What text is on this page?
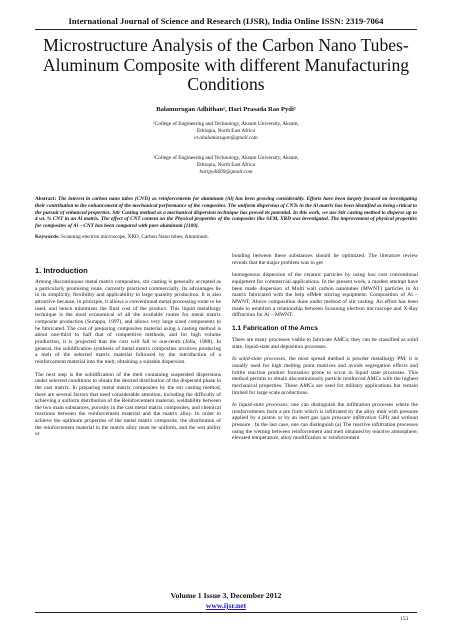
International Journal of Science and Research (IJSR), India Online ISSN: 2319-7064
Microstructure Analysis of the Carbon Nano Tubes-Aluminum Composite with different Manufacturing Conditions
Balamurugan Adhithan¹, Hari Prasada Rao Pydi²
¹College of Engineering and Technology, Aksum University, Aksum,
Ethiopia, North East Africa
er.abalamurugan@gmail.com
²College of Engineering and Technology, Aksum University, Aksum,
Ethiopia, North East Africa
haripydi609@gmail.com
Abstract: The interest in carbon nano tubes (CNTs) as reinforcements for aluminum (Al) has been growing considerably. Efforts have been largely focused on investigating their contribution to the enhancement of the mechanical performance of the composites. The uniform dispersion of CNTs in the Al matrix has been identified as being critical to the pursuit of enhanced properties. Stir Casting method as a mechanical dispersion technique has proved its potential. In this work, we use Stir casting method to disperse up to 4 wt. % CNT in an Al matrix. The effect of CNT content on the Physical properties of the composites like SEM, XRD was investigated. The improvement of physical properties for composites of Al – CNT has been compared with pure aluminum [1100].
Keywords: Scanning electron microscope, XRD, Carbon Nano tubes, Aluminum.
1. Introduction

Among discontinuous metal matrix composites, stir casting is generally accepted as a particularly promising route, currently practiced commercially. Its advantages lie in its simplicity, flexibility and applicability to large quantity production. It is also attractive because, in principle, it allows a conventional metal processing route to be used, and hence minimizes the final cost of the product. This liquid metallurgy technique is the most economical of all the available routes for metal matrix composite production (Surappa, 1997), and allows very large sized components to be fabricated. The cost of preparing composites material using a casting method is about one-third to half that of competitive methods, and for high volume production, it is projected that the cost will fall to one-tenth (Jolla, 1988). In general, the solidification synthesis of metal matrix composites involves producing a melt of the selected matrix material followed by the introduction of a reinforcement material into the melt, obtaining a suitable dispersion.

The next step is the solidification of the melt containing suspended dispersions under selected conditions to obtain the desired distribution of the dispersed phase in the cast matrix. In preparing metal matrix composites by the stir casting method, there are several factors that need considerable attention, including the difficulty of achieving a uniform distribution of the Reinforcement material, weldability between the two main substances, porosity in the cast metal matrix composites, and chemical reactions between the reinforcement material and the matrix alloy. In order to achieve the optimum properties of the metal matrix composite, the distribution of the reinforcement material in the matrix alloy must be uniform, and the wet ability or

bonding between these substances should be optimized. The literature review reveals that the major problem was to get

homogenous dispersion of the ceramic particles by using low cost conventional equipment for commercial applications. In the present work, a modest attempt have been made dispersion of Multi wall carbon nanotubes (MWNT) particles in Al matrix fabricated with the help ofMelt stirring equipment. Composition of Al – MWNT, Above composition done under method of stir casting. An effort has been made to establish a relationship between Scanning electron microscope and X-Ray diffraction for Al – MWNT.

1.1 Fabrication of the Amcs

There are many processes viable to fabricate AMCs; they can be classified as solid state, liquid-state and deposition processes.

In solid-state processes, the most spread method is powder metallurgy PM; it is usually used for high melting point matrices and avoids segregation effects and brittle reaction product formation prone to occur in liquid state processes. This method permits to obtain discontinuously particle reinforced AMCs with the highest mechanical properties. These AMCs are used for military applications but remain limited for large scale productions.

In liquid-state processes, one can distinguish the infiltration processes where the reinforcements form a pre form which is infiltrated by the alloy melt with pressure applied by a piston or by an inert gas (gas pressure infiltration GPI) and without pressure . In the last case, one can distinguish (a) The reactive infiltration processes using the wetting between reinforcement and melt obtained by reactive atmosphere, elevated temperature, alloy modification or reinforcement

Volume 1 Issue 3, December 2012
www.ijsr.net
153
